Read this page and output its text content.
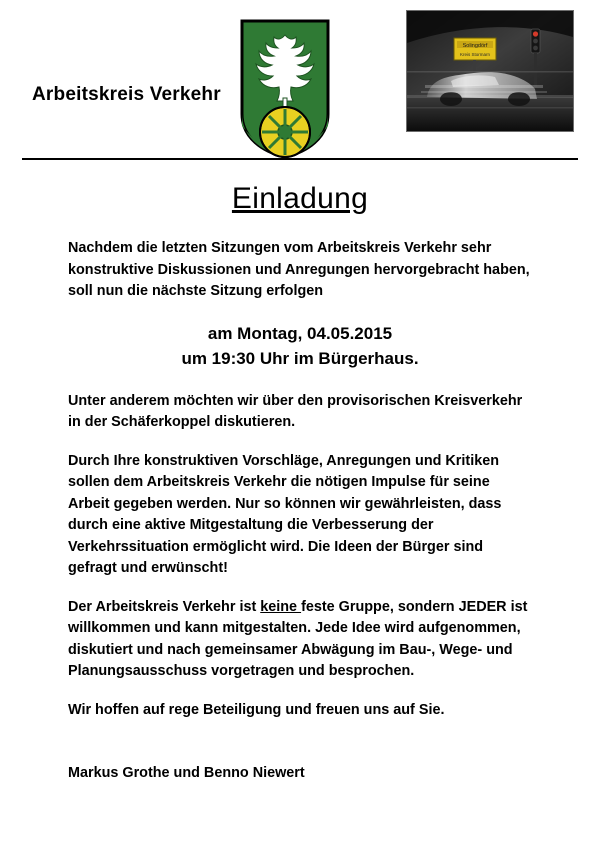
Arbeitskreis Verkehr
Solingdörf
Kreis Stormarn
Einladung

Nachdem die letzten Sitzungen vom Arbeitskreis Verkehr sehr konstruktive Diskussionen und Anregungen hervorgebracht haben, soll nun die nächste Sitzung erfolgen

am Montag, 04.05.2015
um 19:30 Uhr im Bürgerhaus.

Unter anderem möchten wir über den provisorischen Kreisverkehr in der Schäferkoppel diskutieren.

Durch Ihre konstruktiven Vorschläge, Anregungen und Kritiken sollen dem Arbeitskreis Verkehr die nötigen Impulse für seine Arbeit gegeben werden. Nur so können wir gewährleisten, dass durch eine aktive Mitgestaltung die Verbesserung der Verkehrssituation ermöglicht wird. Die Ideen der Bürger sind gefragt und erwünscht!

Der Arbeitskreis Verkehr ist keine feste Gruppe, sondern JEDER ist willkommen und kann mitgestalten. Jede Idee wird aufgenommen, diskutiert und nach gemeinsamer Abwägung im Bau-, Wege- und Planungsausschuss vorgetragen und besprochen.

Wir hoffen auf rege Beteiligung und freuen uns auf Sie.

Markus Grothe und Benno Niewert
